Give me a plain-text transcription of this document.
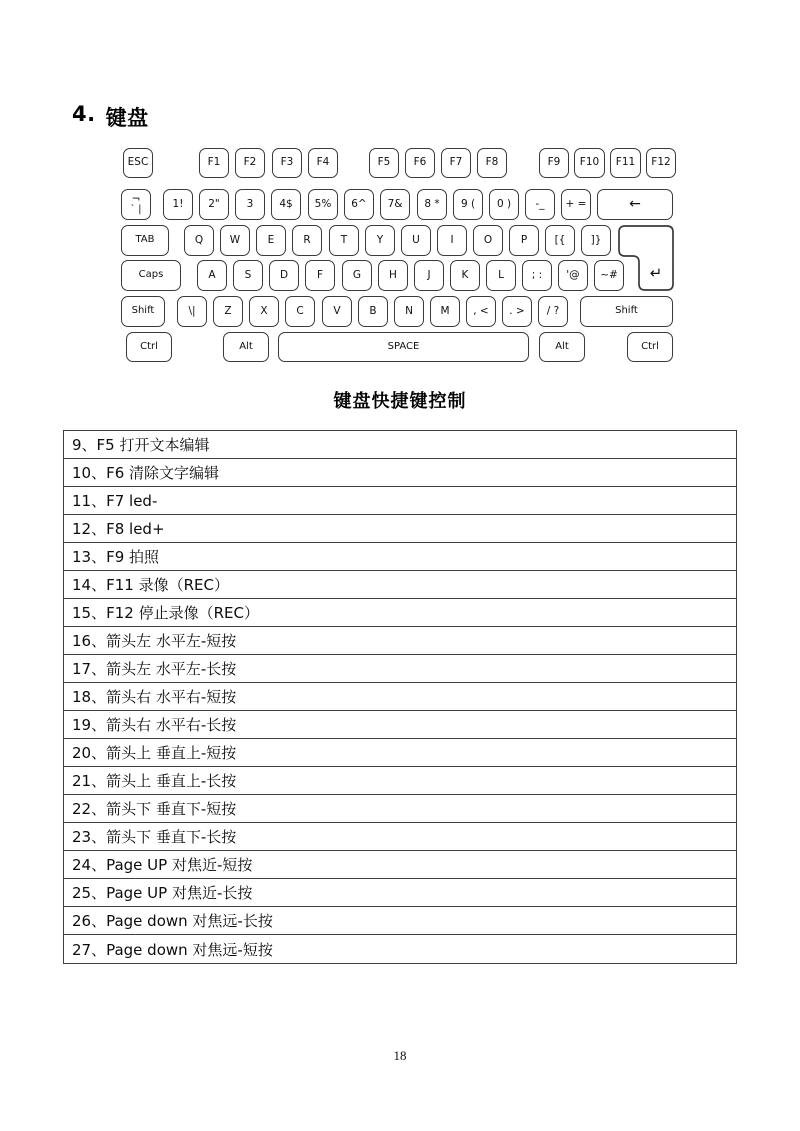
4. 键盘
ESC	F1	F2	F3	F4	F5	F6	F7	F8	F9	F10	F11	F12
¬
` |	1!	2"	3	4$	5%	6^	7&	8 *	9 (	0 )	-_	+ =	←
TAB	Q	W	E	R	T	Y	U	I	O	P	[{	]}
↵
Caps	A	S	D	F	G	H	J	K	L	; :	'@	~#
Shift	\|	Z	X	C	V	B	N	M	, <	. >	/ ?	Shift
Ctrl	Alt	SPACE	Alt	Ctrl
键盘快捷键控制
9、F5 打开文本编辑
10、F6 清除文字编辑
11、F7 led-
12、F8 led+
13、F9 拍照
14、F11 录像（REC）
15、F12 停止录像（REC）
16、箭头左 水平左-短按
17、箭头左 水平左-长按
18、箭头右 水平右-短按
19、箭头右 水平右-长按
20、箭头上 垂直上-短按
21、箭头上 垂直上-长按
22、箭头下 垂直下-短按
23、箭头下 垂直下-长按
24、Page UP 对焦近-短按
25、Page UP 对焦近-长按
26、Page down 对焦远-长按
27、Page down 对焦远-短按
18
